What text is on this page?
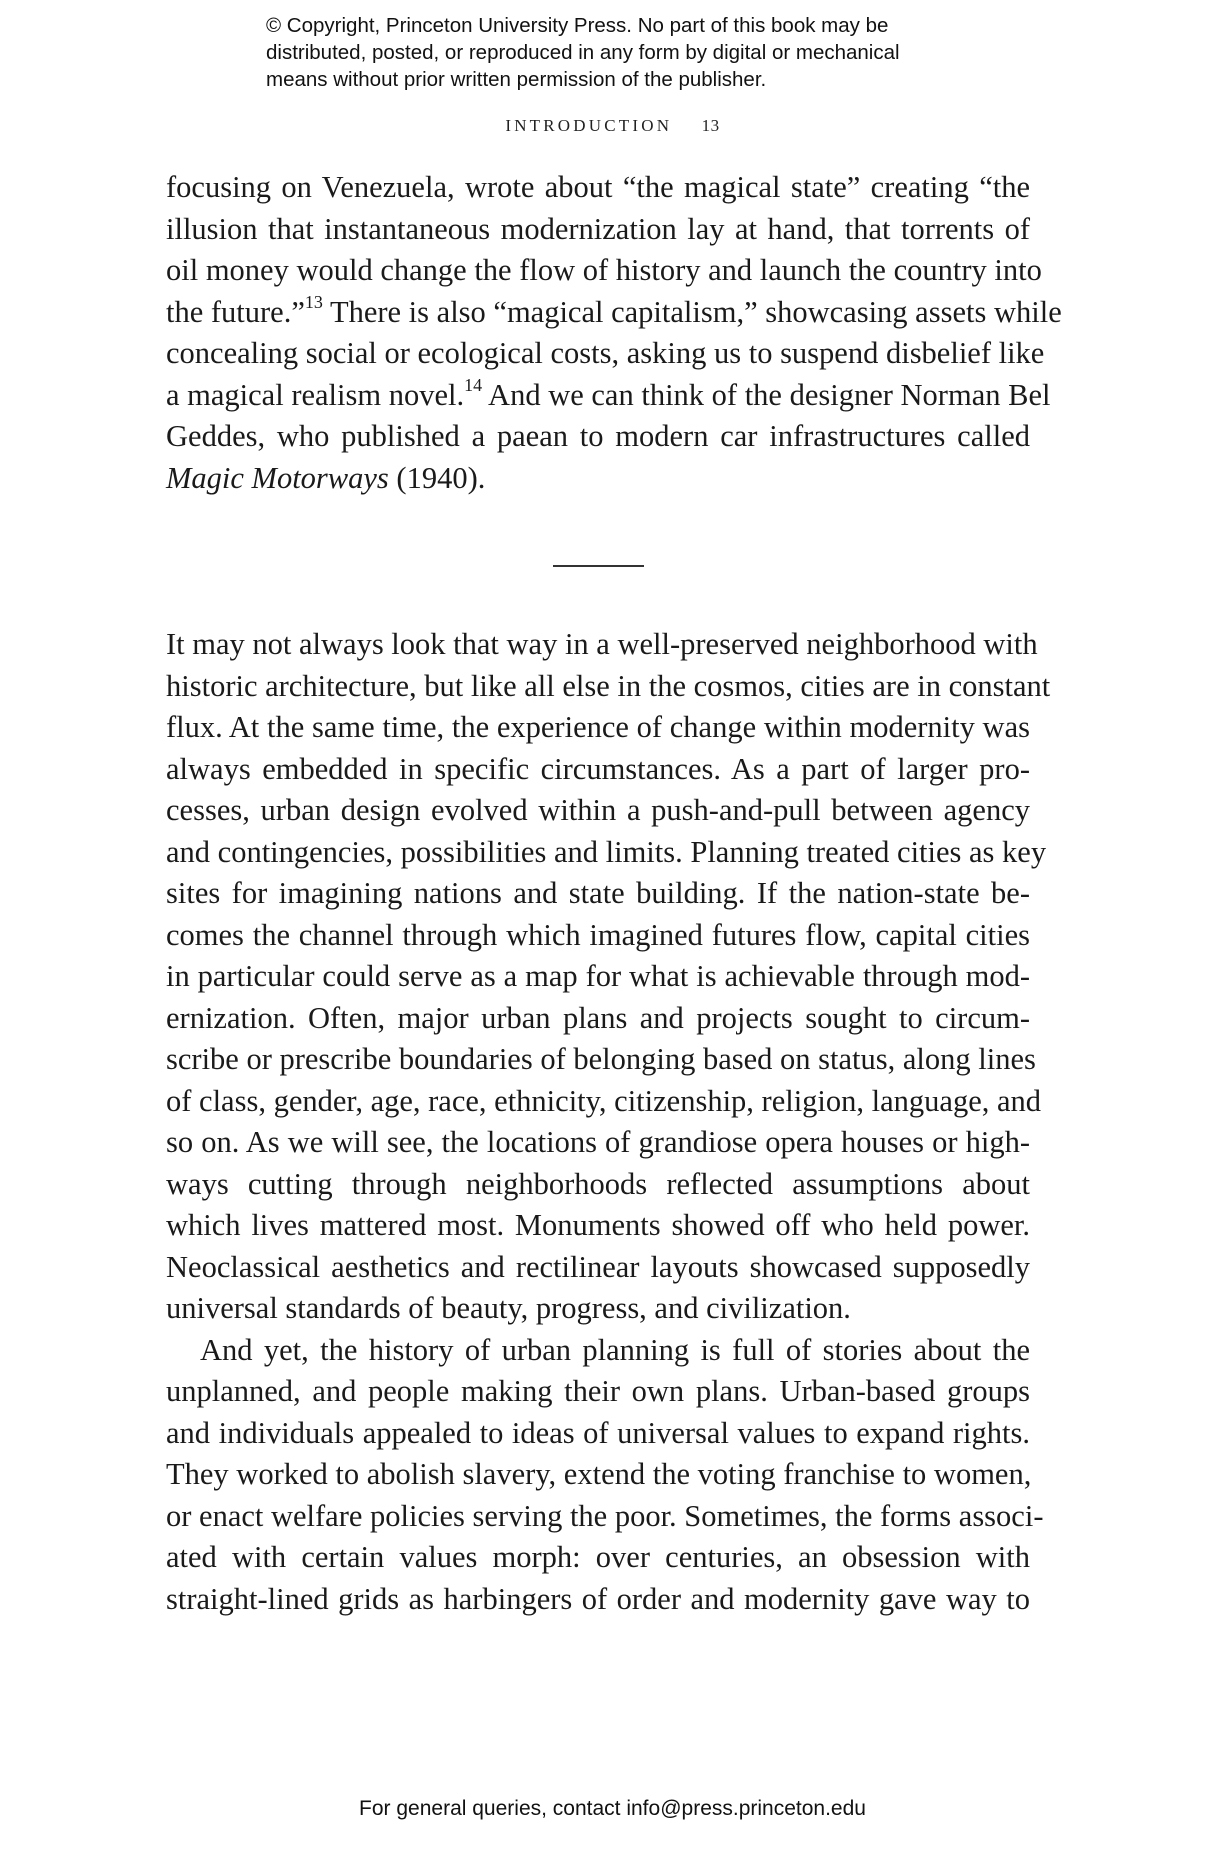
© Copyright, Princeton University Press. No part of this book may be
distributed, posted, or reproduced in any form by digital or mechanical
means without prior written permission of the publisher.
INTRODUCTION 13
focusing on Venezuela, wrote about “the magical state” creating “the
illusion that instantaneous modernization lay at hand, that torrents of
oil money would change the flow of history and launch the country into
the future.”$^{13}$ There is also “magical capitalism,” showcasing assets while
concealing social or ecological costs, asking us to suspend disbelief like
a magical realism novel.$^{14}$ And we can think of the designer Norman Bel
Geddes, who published a paean to modern car infrastructures called
Magic Motorways (1940).
It may not always look that way in a well-preserved neighborhood with
historic architecture, but like all else in the cosmos, cities are in constant
flux. At the same time, the experience of change within modernity was
always embedded in specific circumstances. As a part of larger pro-
cesses, urban design evolved within a push-and-pull between agency
and contingencies, possibilities and limits. Planning treated cities as key
sites for imagining nations and state building. If the nation-state be-
comes the channel through which imagined futures flow, capital cities
in particular could serve as a map for what is achievable through mod-
ernization. Often, major urban plans and projects sought to circum-
scribe or prescribe boundaries of belonging based on status, along lines
of class, gender, age, race, ethnicity, citizenship, religion, language, and
so on. As we will see, the locations of grandiose opera houses or high-
ways cutting through neighborhoods reflected assumptions about
which lives mattered most. Monuments showed off who held power.
Neoclassical aesthetics and rectilinear layouts showcased supposedly
universal standards of beauty, progress, and civilization.
And yet, the history of urban planning is full of stories about the
unplanned, and people making their own plans. Urban-based groups
and individuals appealed to ideas of universal values to expand rights.
They worked to abolish slavery, extend the voting franchise to women,
or enact welfare policies serving the poor. Sometimes, the forms associ-
ated with certain values morph: over centuries, an obsession with
straight-lined grids as harbingers of order and modernity gave way to
For general queries, contact info@press.princeton.edu
